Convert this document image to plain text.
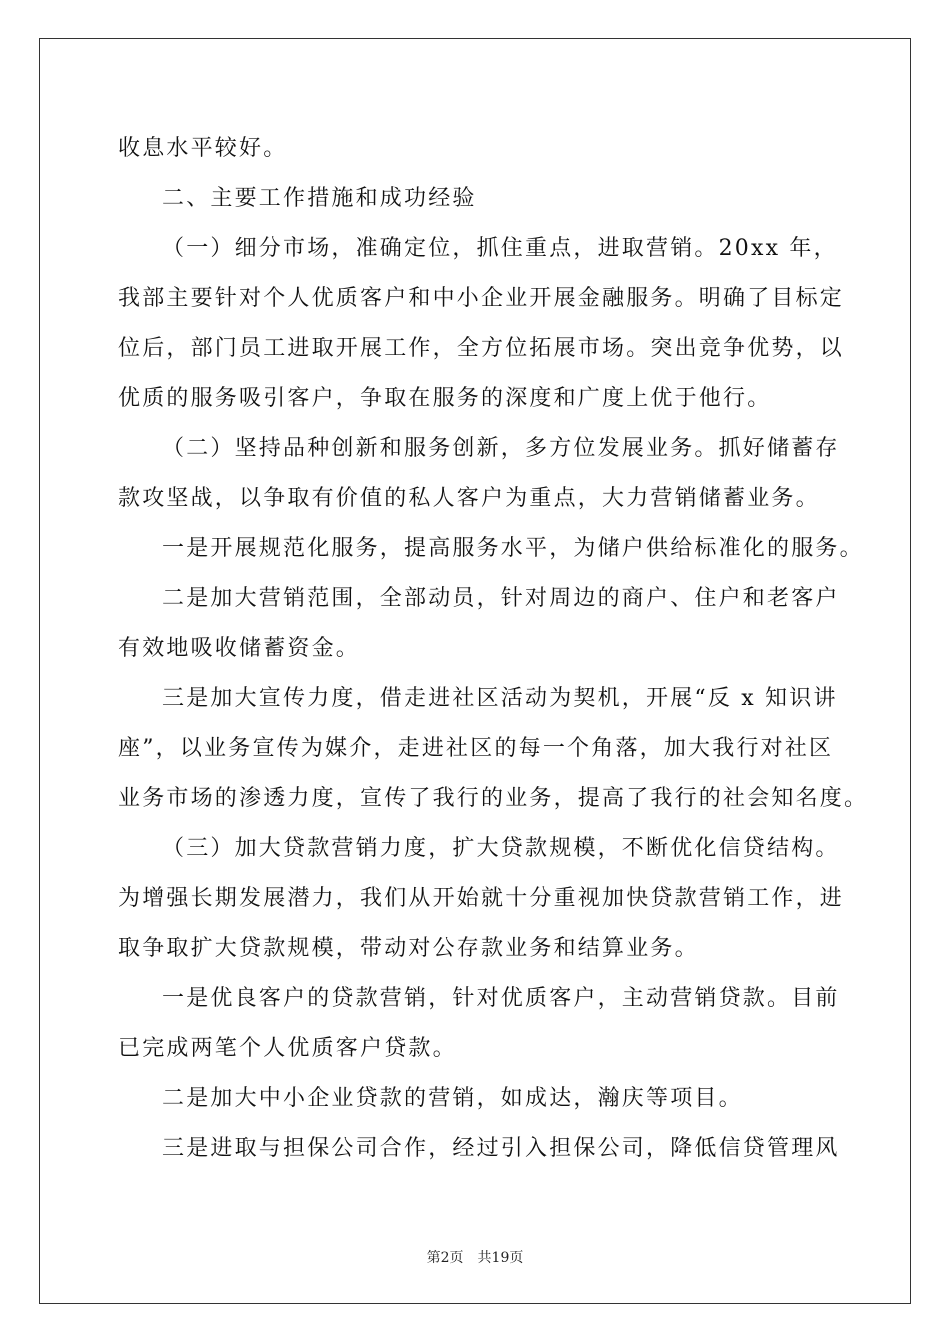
收息水平较好。
二、主要工作措施和成功经验
（一）细分市场，准确定位，抓住重点，进取营销。20xx 年，
我部主要针对个人优质客户和中小企业开展金融服务。明确了目标定
位后，部门员工进取开展工作，全方位拓展市场。突出竞争优势，以
优质的服务吸引客户，争取在服务的深度和广度上优于他行。
（二）坚持品种创新和服务创新，多方位发展业务。抓好储蓄存
款攻坚战，以争取有价值的私人客户为重点，大力营销储蓄业务。
一是开展规范化服务，提高服务水平，为储户供给标准化的服务。
二是加大营销范围，全部动员，针对周边的商户、住户和老客户
有效地吸收储蓄资金。
三是加大宣传力度，借走进社区活动为契机，开展“反 x 知识讲
座”，以业务宣传为媒介，走进社区的每一个角落，加大我行对社区
业务市场的渗透力度，宣传了我行的业务，提高了我行的社会知名度。
（三）加大贷款营销力度，扩大贷款规模，不断优化信贷结构。
为增强长期发展潜力，我们从开始就十分重视加快贷款营销工作，进
取争取扩大贷款规模，带动对公存款业务和结算业务。
一是优良客户的贷款营销，针对优质客户，主动营销贷款。目前
已完成两笔个人优质客户贷款。
二是加大中小企业贷款的营销，如成达，瀚庆等项目。
三是进取与担保公司合作，经过引入担保公司，降低信贷管理风
第2页 共19页
